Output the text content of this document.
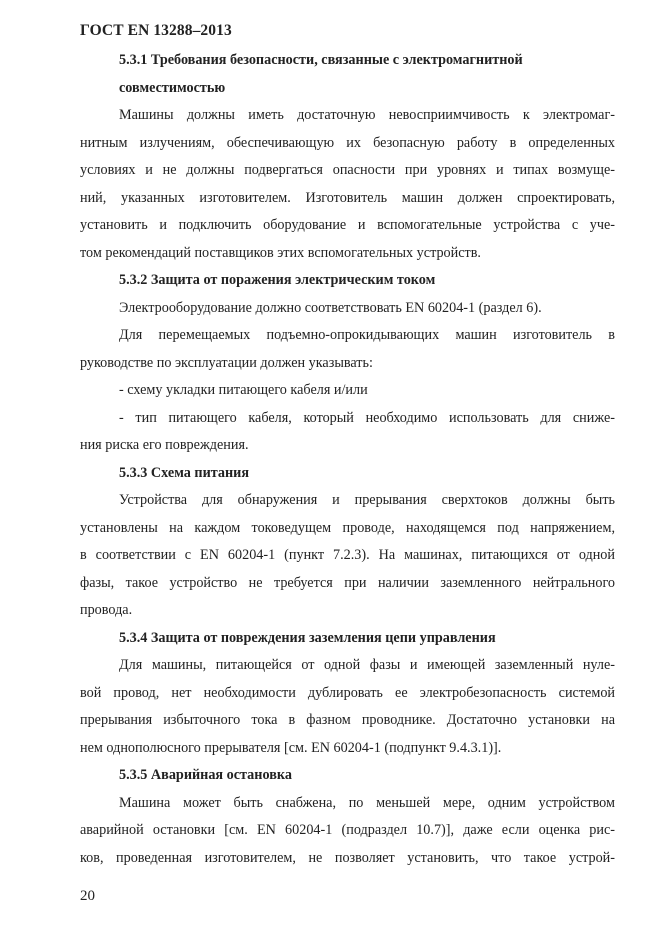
ГОСТ EN 13288–2013
5.3.1 Требования безопасности, связанные с электромагнитной
совместимостью
Машины должны иметь достаточную невосприимчивость к электромаг-
нитным излучениям, обеспечивающую их безопасную работу в определенных
условиях и не должны подвергаться опасности при уровнях и типах возмуще-
ний, указанных изготовителем. Изготовитель машин должен спроектировать,
установить и подключить оборудование и вспомогательные устройства с уче-
том рекомендаций поставщиков этих вспомогательных устройств.
5.3.2 Защита от поражения электрическим током
Электрооборудование должно соответствовать EN 60204-1 (раздел 6).
Для перемещаемых подъемно-опрокидывающих машин изготовитель в
руководстве по эксплуатации должен указывать:
- схему укладки питающего кабеля и/или
- тип питающего кабеля, который необходимо использовать для сниже-
ния риска его повреждения.
5.3.3 Схема питания
Устройства для обнаружения и прерывания сверхтоков должны быть
установлены на каждом токоведущем проводе, находящемся под напряжением,
в соответствии с EN 60204-1 (пункт 7.2.3). На машинах, питающихся от одной
фазы, такое устройство не требуется при наличии заземленного нейтрального
провода.
5.3.4 Защита от повреждения заземления цепи управления
Для машины, питающейся от одной фазы и имеющей заземленный нуле-
вой провод, нет необходимости дублировать ее электробезопасность системой
прерывания избыточного тока в фазном проводнике. Достаточно установки на
нем однополюсного прерывателя [см. EN 60204-1 (подпункт 9.4.3.1)].
5.3.5 Аварийная остановка
Машина может быть снабжена, по меньшей мере, одним устройством
аварийной остановки [см. EN 60204-1 (подраздел 10.7)], даже если оценка рис-
ков, проведенная изготовителем, не позволяет установить, что такое устрой-
20
